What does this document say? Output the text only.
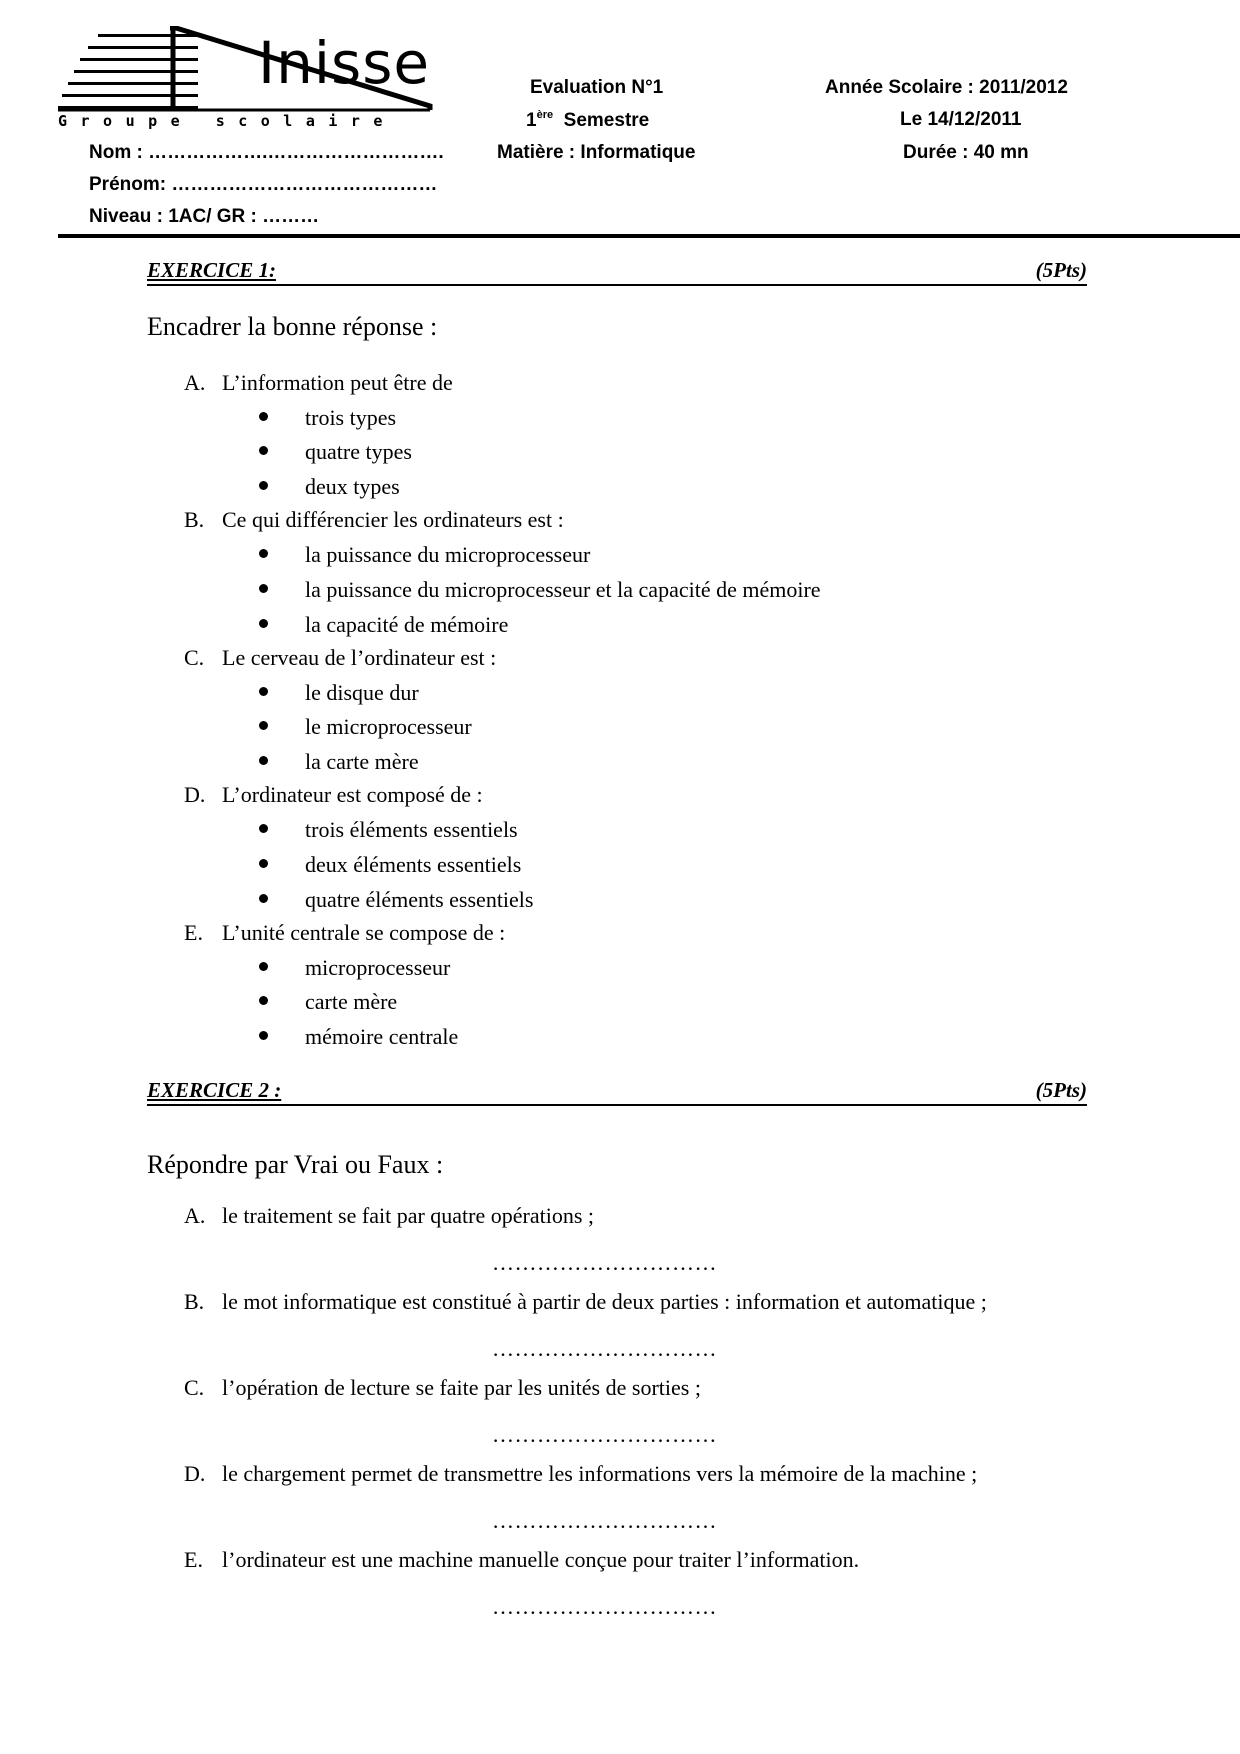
Inisse
Groupe scolaire
Nom : ……………….……………………….
Prénom: ……………………………………
Niveau : 1AC/ GR : ………
Evaluation N°1
1ère Semestre
Matière : Informatique
Année Scolaire : 2011/2012
Le 14/12/2011
Durée : 40 mn
EXERCICE 1:	(5Pts)
Encadrer la bonne réponse :
A. L’information peut être de
trois types
quatre types
deux types
B. Ce qui différencier les ordinateurs est :
la puissance du microprocesseur
la puissance du microprocesseur et la capacité de mémoire
la capacité de mémoire
C. Le cerveau de l’ordinateur est :
le disque dur
le microprocesseur
la carte mère
D. L’ordinateur est composé de :
trois éléments essentiels
deux éléments essentiels
quatre éléments essentiels
E. L’unité centrale se compose de :
microprocesseur
carte mère
mémoire centrale
EXERCICE 2 :	(5Pts)
Répondre par Vrai ou Faux :
A. le traitement se fait par quatre opérations ;
…………………………
B. le mot informatique est constitué à partir de deux parties : information et automatique ;
…………………………
C. l’opération de lecture se faite par les unités de sorties ;
…………………………
D. le chargement permet de transmettre les informations vers la mémoire de la machine ;
…………………………
E. l’ordinateur est une machine manuelle conçue pour traiter l’information.
…………………………
